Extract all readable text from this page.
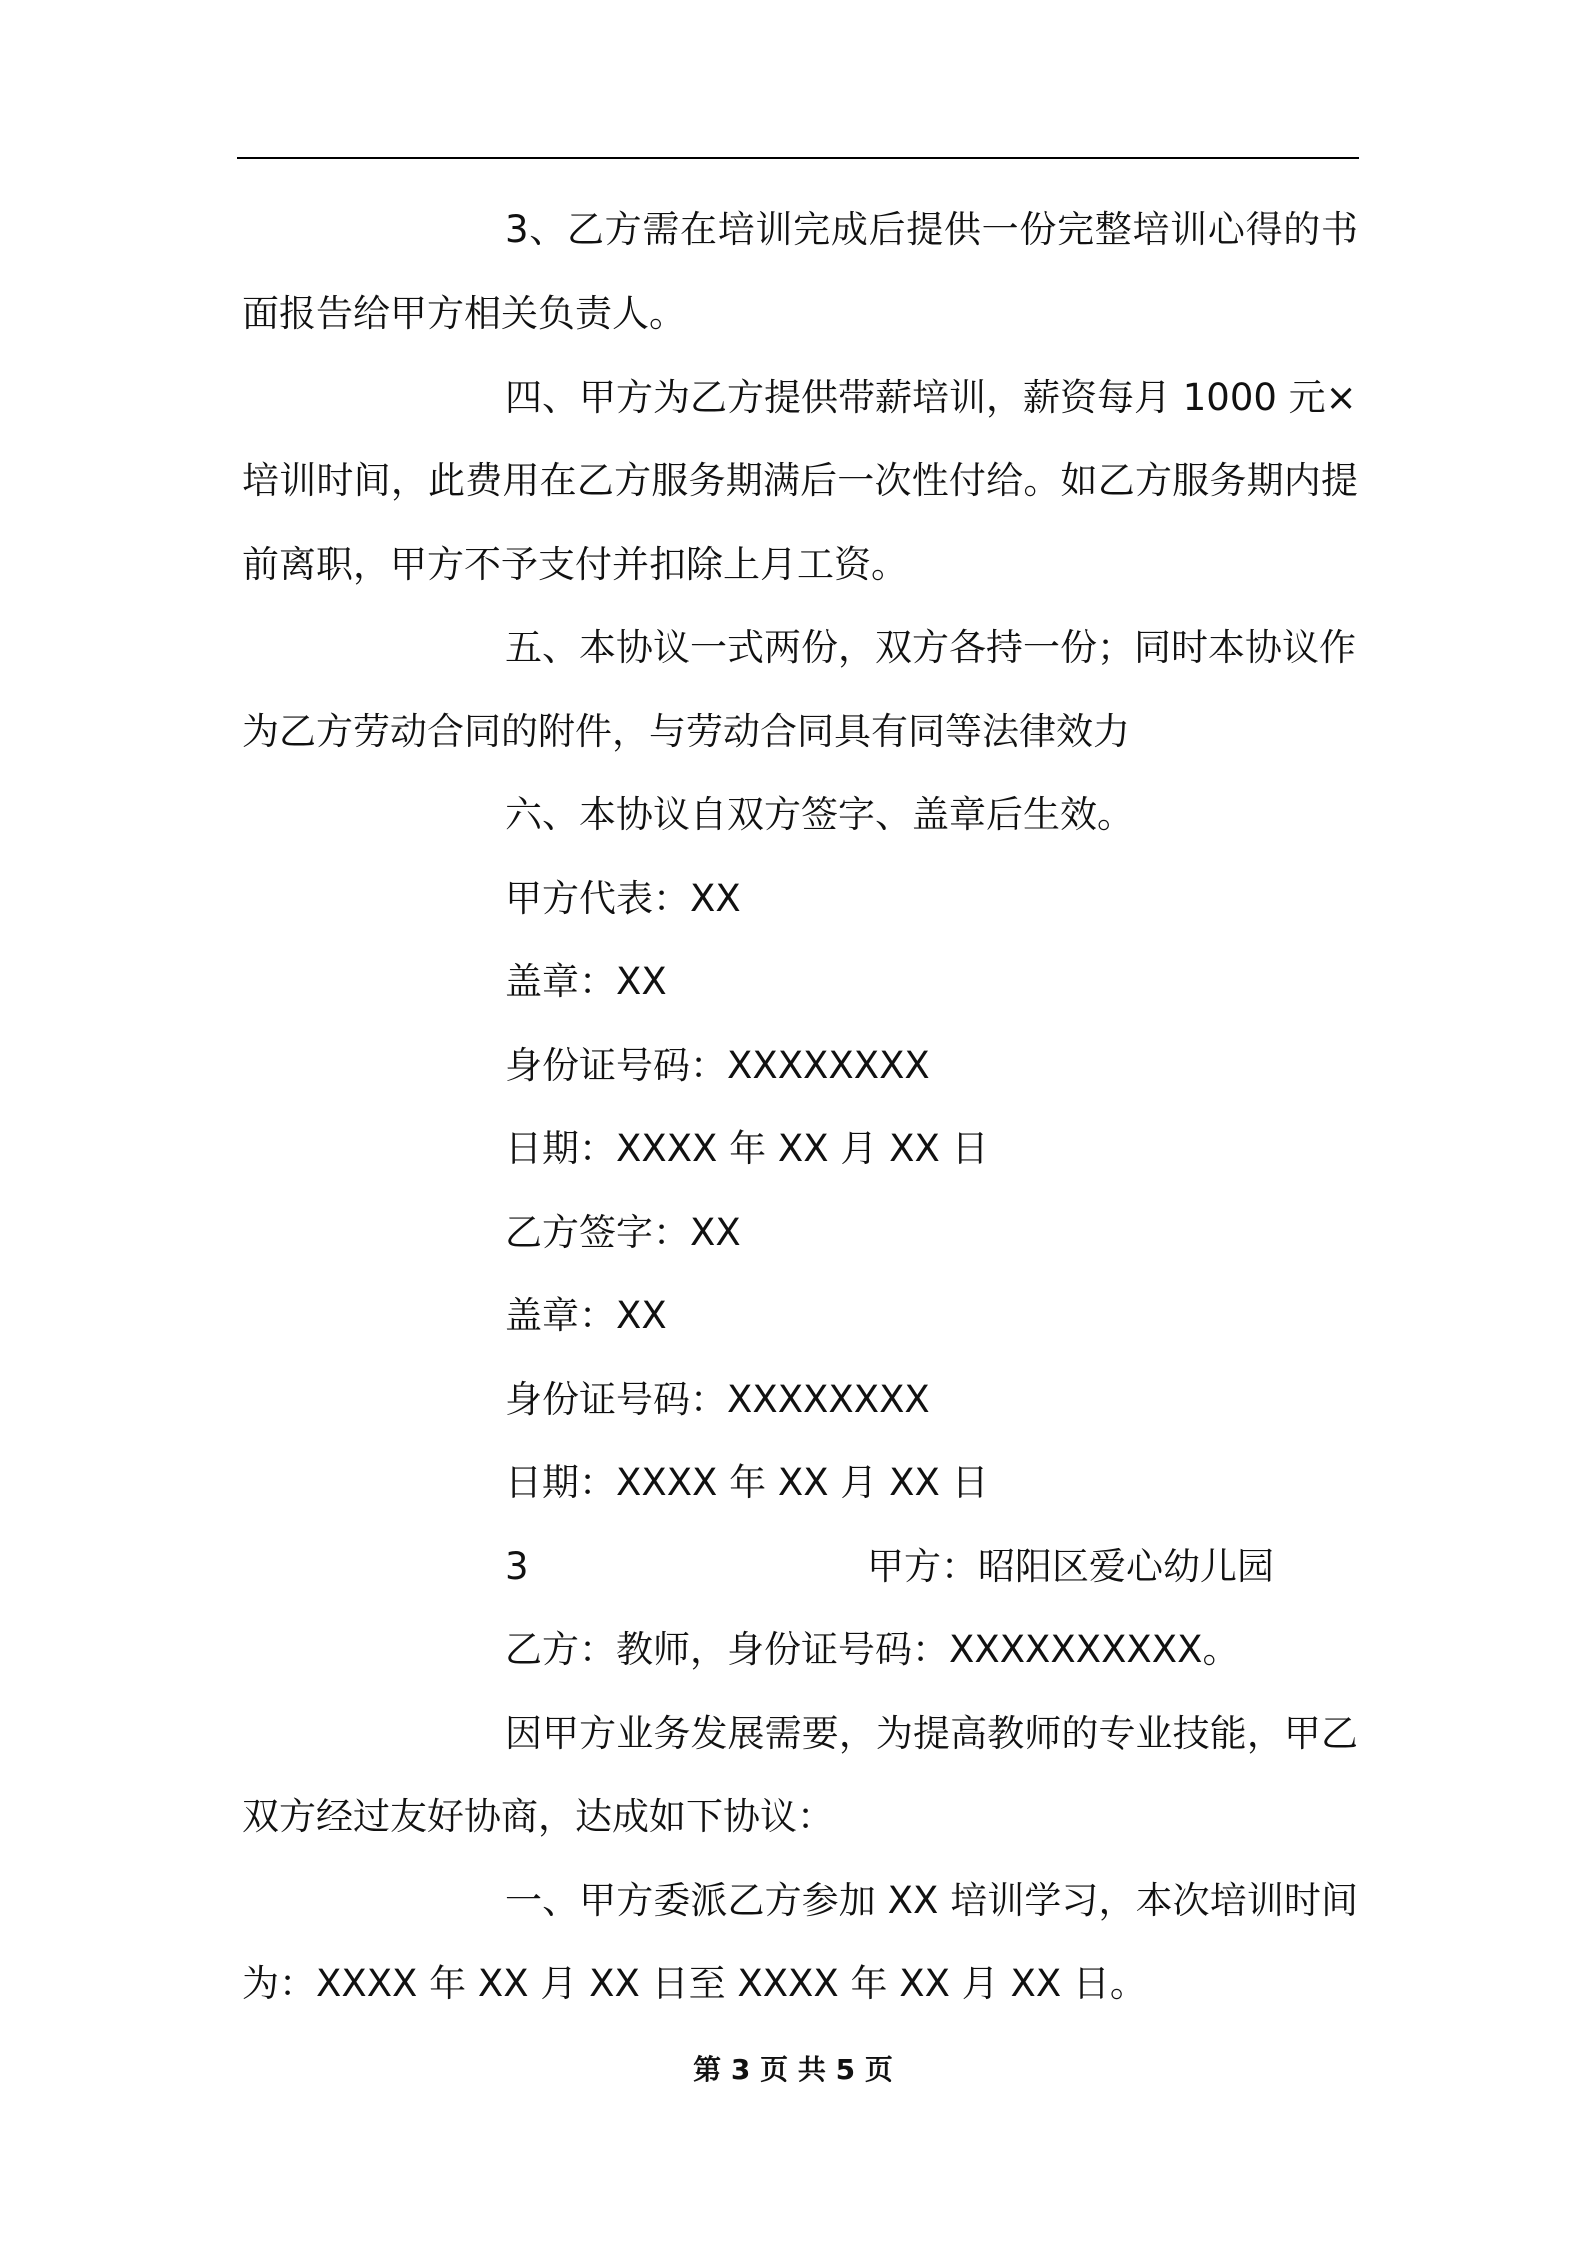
3、乙方需在培训完成后提供一份完整培训心得的书
面报告给甲方相关负责人。
四、甲方为乙方提供带薪培训，薪资每月 1000 元×
培训时间，此费用在乙方服务期满后一次性付给。如乙方服务期内提
前离职，甲方不予支付并扣除上月工资。
五、本协议一式两份，双方各持一份；同时本协议作
为乙方劳动合同的附件，与劳动合同具有同等法律效力
六、本协议自双方签字、盖章后生效。
甲方代表：XX
盖章：XX
身份证号码：XXXXXXXX
日期：XXXX 年 XX 月 XX 日
乙方签字：XX
盖章：XX
身份证号码：XXXXXXXX
日期：XXXX 年 XX 月 XX 日
3	甲方：昭阳区爱心幼儿园
乙方：教师，身份证号码：XXXXXXXXXX。
因甲方业务发展需要，为提高教师的专业技能，甲乙
双方经过友好协商，达成如下协议：
一、甲方委派乙方参加 XX 培训学习，本次培训时间
为：XXXX 年 XX 月 XX 日至 XXXX 年 XX 月 XX 日。
第 3 页 共 5 页
